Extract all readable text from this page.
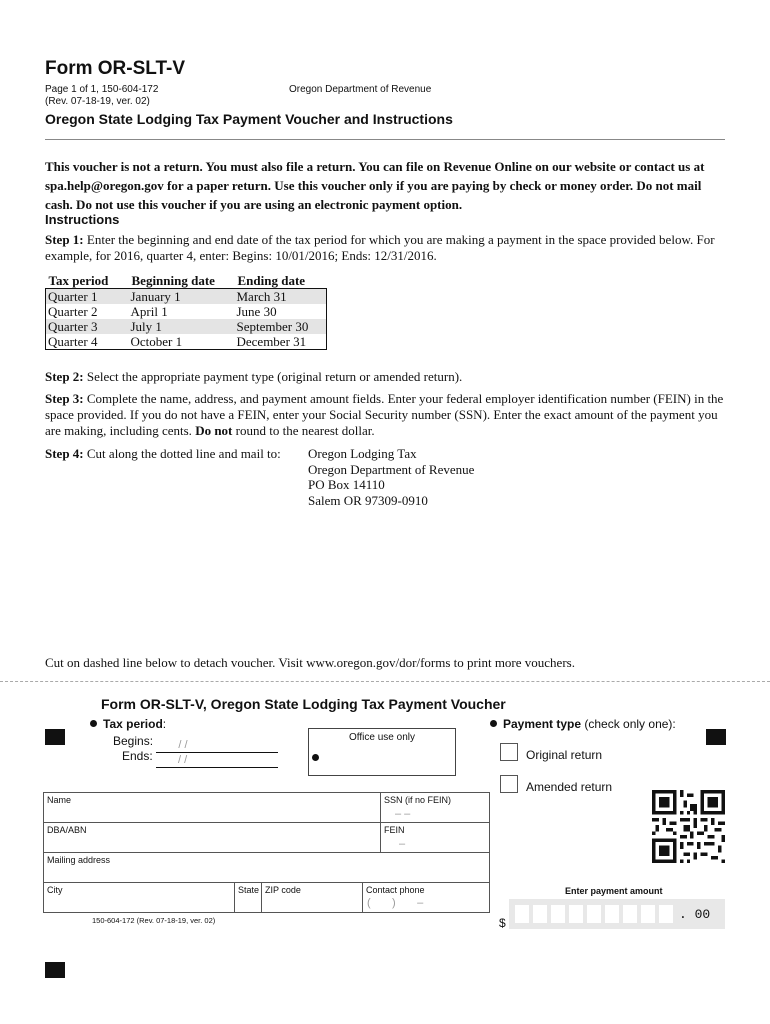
Form OR-SLT-V
Page 1 of 1, 150-604-172
(Rev. 07-18-19, ver. 02)
Oregon Department of Revenue
Oregon State Lodging Tax Payment Voucher and Instructions
This voucher is not a return. You must also file a return. You can file on Revenue Online on our website or contact us at spa.help@oregon.gov for a paper return. Use this voucher only if you are paying by check or money order. Do not mail cash. Do not use this voucher if you are using an electronic payment option.
Instructions
Step 1: Enter the beginning and end date of the tax period for which you are making a payment in the space provided below. For example, for 2016, quarter 4, enter: Begins: 10/01/2016; Ends: 12/31/2016.
Tax period	Beginning date	Ending date
Quarter 1	January 1	March 31
Quarter 2	April 1	June 30
Quarter 3	July 1	September 30
Quarter 4	October 1	December 31
Step 2: Select the appropriate payment type (original return or amended return).
Step 3: Complete the name, address, and payment amount fields. Enter your federal employer identification number (FEIN) in the space provided. If you do not have a FEIN, enter your Social Security number (SSN). Enter the exact amount of the payment you are making, including cents. Do not round to the nearest dollar.
Step 4: Cut along the dotted line and mail to:	Oregon Lodging Tax
Oregon Department of Revenue
PO Box 14110
Salem OR 97309-0910
Cut on dashed line below to detach voucher. Visit www.oregon.gov/dor/forms to print more vouchers.
Form OR-SLT-V, Oregon State Lodging Tax Payment Voucher
Tax period:
Begins: / /
Ends: / /
Office use only
Payment type (check only one):
Original return
Amended return
Name	SSN (if no FEIN)
– –
DBA/ABN	FEIN
–
Mailing address
City	State ZIP code	Contact phone
(       )       –
150-604-172 (Rev. 07-18-19, ver. 02)
Enter payment amount
$
. 00
